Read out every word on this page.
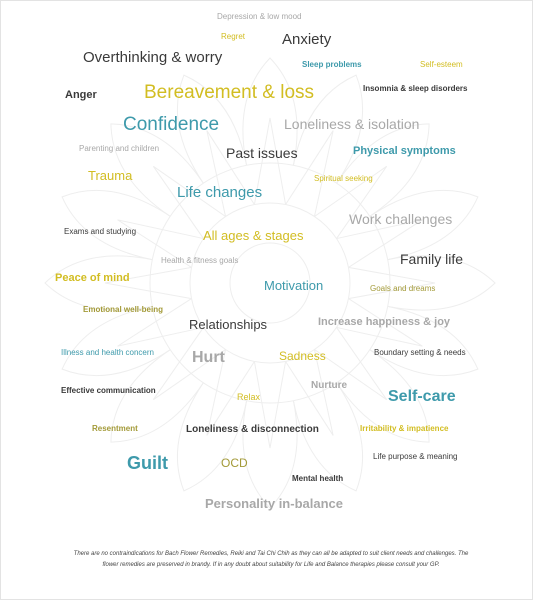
Depression & low mood
Regret Anxiety
Overthinking & worry	Sleep problems	Self-esteem
Anger Bereavement & loss	Insomnia & sleep disorders
Confidence	Loneliness & isolation
Parenting and children	Past issues	Physical symptoms
Trauma	Spiritual seeking
Life changes
Work challenges
Exams and studying	All ages & stages
Health & fitness goals	Family life
Peace of mind	Motivation	Goals and dreams
Emotional well-being
Relationships	Increase happiness & joy
Illness and health concern Hurt	Sadness	Boundary setting & needs
Nurture
Effective communication
Relax	Self-care
Resentment	Loneliness & disconnection	Irritability & impatience
Guilt	OCD	Life purpose & meaning
Mental health
Personality in-balance
There are no contraindications for Bach Flower Remedies, Reiki and Tai Chi Chih as they can all be adapted to suit client needs and challenges. The flower remedies are preserved in brandy. If in any doubt about suitability for Life and Balance therapies please consult your GP.
